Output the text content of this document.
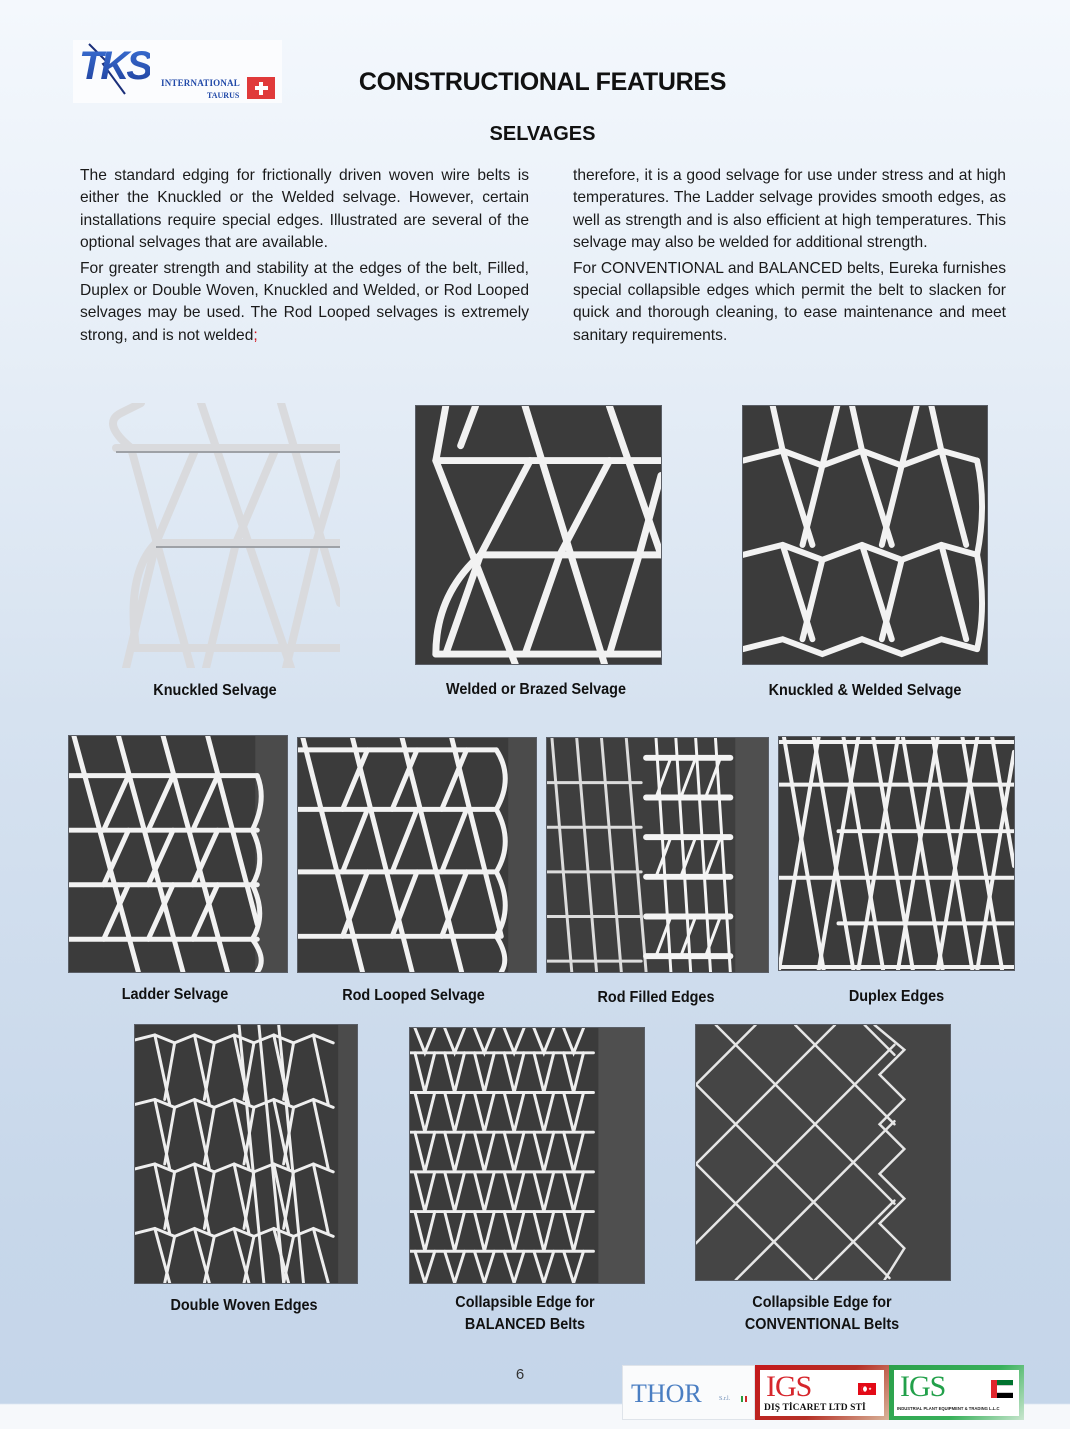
TKS INTERNATIONAL
TAURUS	CONSTRUCTIONAL FEATURES
SELVAGES

The standard edging for frictionally driven woven wire belts is either the Knuckled or the Welded selvage. However, certain installations require special edges. Illustrated are several of the optional selvages that are available.

For greater strength and stability at the edges of the belt, Filled, Duplex or Double Woven, Knuckled and Welded, or Rod Looped selvages may be used. The Rod Looped selvages is extremely strong, and is not welded;

therefore, it is a good selvage for use under stress and at high temperatures. The Ladder selvage provides smooth edges, as well as strength and is also efficient at high temperatures. This selvage may also be welded for additional strength.

For CONVENTIONAL and BALANCED belts, Eureka furnishes special collapsible edges which permit the belt to slacken for quick and thorough cleaning, to ease maintenance and meet sanitary requirements.

Knuckled Selvage	Welded or Brazed Selvage	Knuckled & Welded Selvage
Ladder Selvage	Rod Looped Selvage	Rod Filled Edges	Duplex Edges
Double Woven Edges	Collapsible Edge for
BALANCED Belts
Collapsible Edge for
CONVENTIONAL Belts
6
THOR	S.r.l. IGS	★
DIŞ TİCARET LTD STİ
IGS
INDUSTRIAL PLANT EQUIPMENT & TRADING L.L.C
